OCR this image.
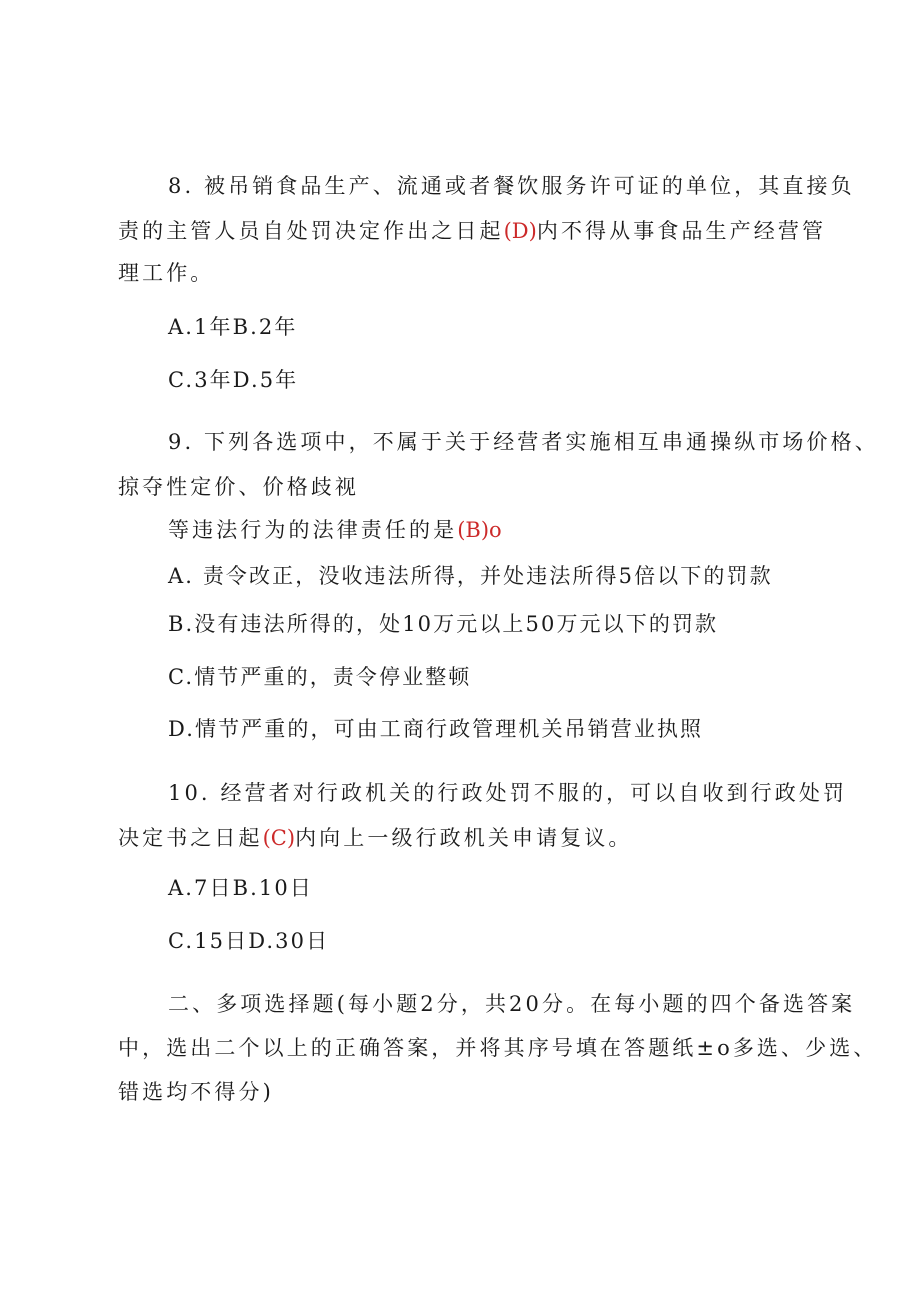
8. 被吊销食品生产、流通或者餐饮服务许可证的单位，其直接负
责的主管人员自处罚决定作出之日起(D)内不得从事食品生产经营管
理工作。
A.1年B.2年
C.3年D.5年
9. 下列各选项中，不属于关于经营者实施相互串通操纵市场价格、
掠夺性定价、价格歧视
等违法行为的法律责任的是(B)o
A. 责令改正，没收违法所得，并处违法所得5倍以下的罚款
B.没有违法所得的，处10万元以上50万元以下的罚款
C.情节严重的，责令停业整顿
D.情节严重的，可由工商行政管理机关吊销营业执照
10. 经营者对行政机关的行政处罚不服的，可以自收到行政处罚
决定书之日起(C)内向上一级行政机关申请复议。
A.7日B.10日
C.15日D.30日
二、多项选择题(每小题2分，共20分。在每小题的四个备选答案
中，选出二个以上的正确答案，并将其序号填在答题纸±o多选、少选、
错选均不得分)
